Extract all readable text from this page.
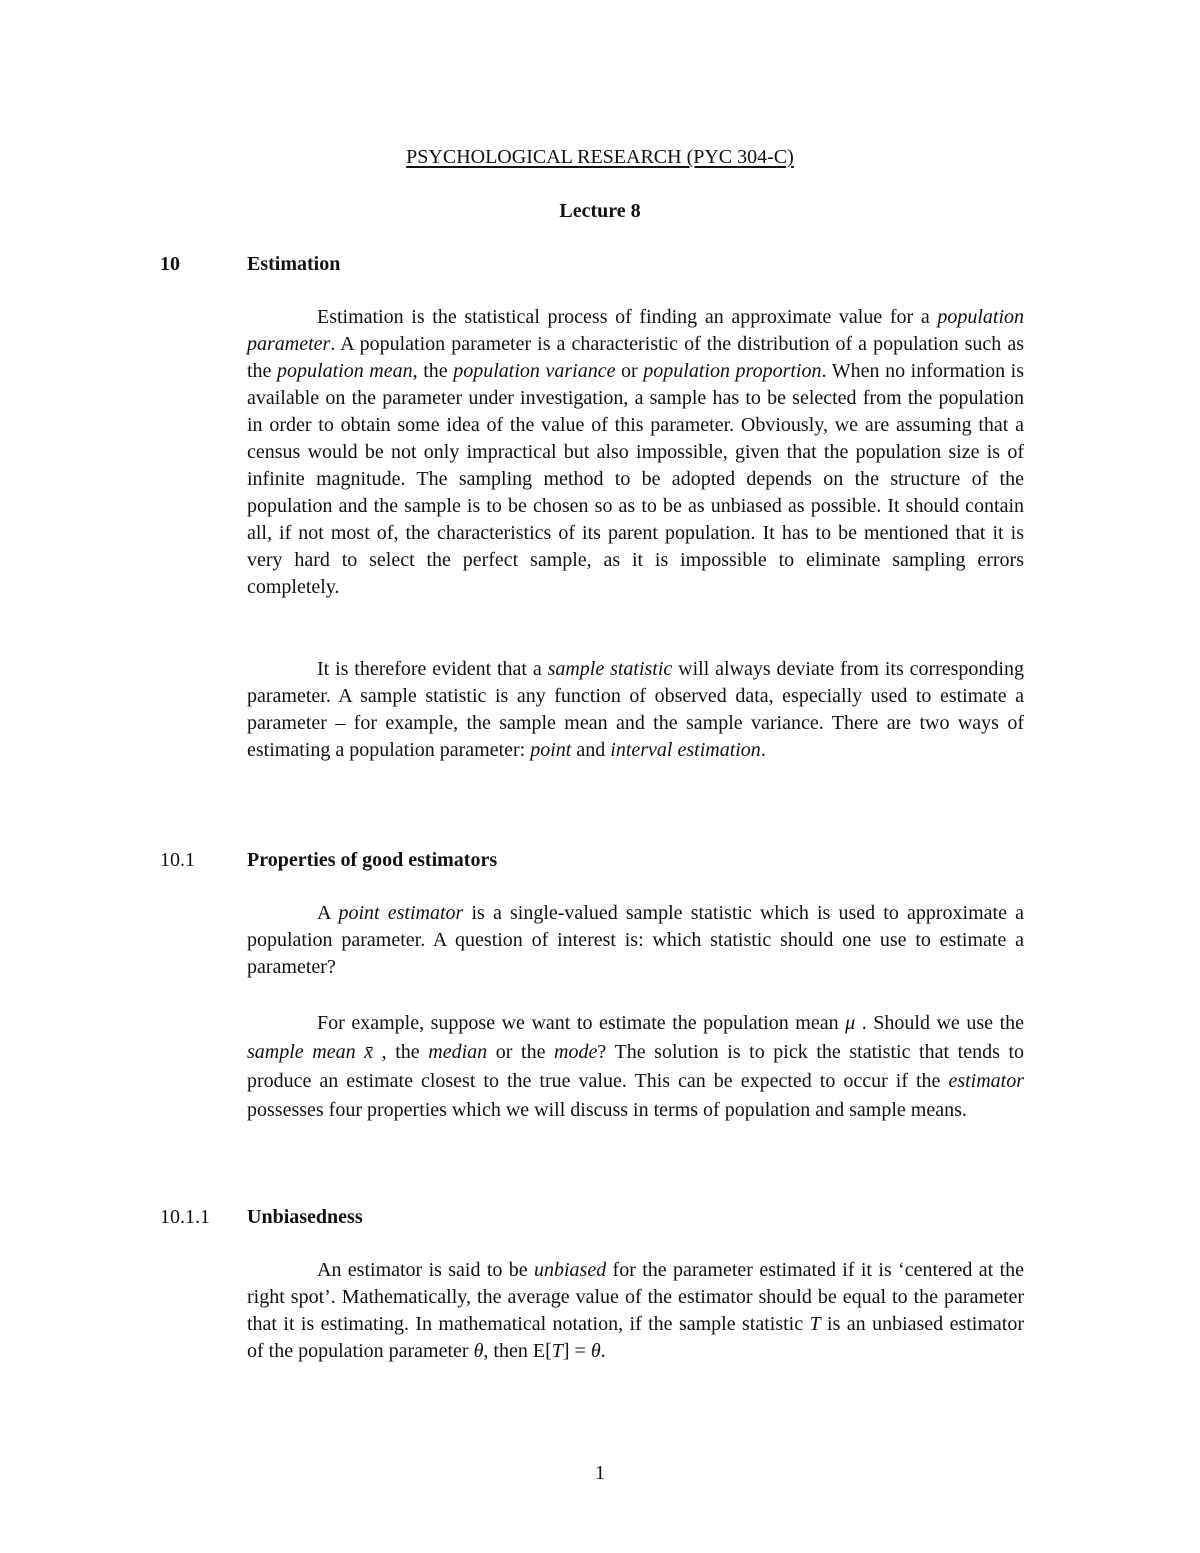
PSYCHOLOGICAL RESEARCH (PYC 304-C)
Lecture 8
10	Estimation

Estimation is the statistical process of finding an approximate value for a population parameter. A population parameter is a characteristic of the distribution of a population such as the population mean, the population variance or population proportion. When no information is available on the parameter under investigation, a sample has to be selected from the population in order to obtain some idea of the value of this parameter. Obviously, we are assuming that a census would be not only impractical but also impossible, given that the population size is of infinite magnitude. The sampling method to be adopted depends on the structure of the population and the sample is to be chosen so as to be as unbiased as possible. It should contain all, if not most of, the characteristics of its parent population. It has to be mentioned that it is very hard to select the perfect sample, as it is impossible to eliminate sampling errors completely.

It is therefore evident that a sample statistic will always deviate from its corresponding parameter. A sample statistic is any function of observed data, especially used to estimate a parameter – for example, the sample mean and the sample variance. There are two ways of estimating a population parameter: point and interval estimation.

10.1	Properties of good estimators

A point estimator is a single-valued sample statistic which is used to approximate a population parameter. A question of interest is: which statistic should one use to estimate a parameter?

For example, suppose we want to estimate the population mean μ . Should we use the sample mean x̄ , the median or the mode? The solution is to pick the statistic that tends to produce an estimate closest to the true value. This can be expected to occur if the estimator possesses four properties which we will discuss in terms of population and sample means.

10.1.1 Unbiasedness

An estimator is said to be unbiased for the parameter estimated if it is ‘centered at the right spot’. Mathematically, the average value of the estimator should be equal to the parameter that it is estimating. In mathematical notation, if the sample statistic T is an unbiased estimator of the population parameter θ, then E[T] = θ.

1
